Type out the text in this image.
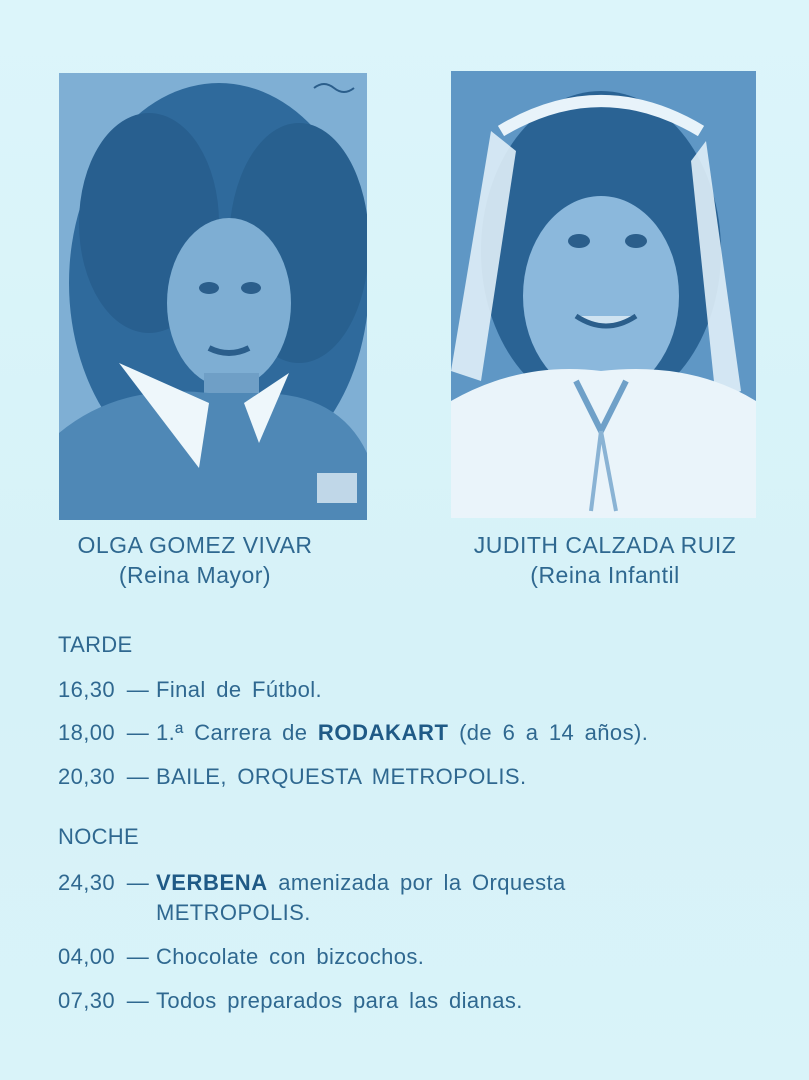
OLGA GOMEZ VIVAR
(Reina Mayor)
JUDITH CALZADA RUIZ
(Reina Infantil
TARDE
16,30 — Final de Fútbol.
18,00 — 1.ª Carrera de RODAKART (de 6 a 14 años).
20,30 — BAILE, ORQUESTA METROPOLIS.
NOCHE
24,30 — VERBENA amenizada por la Orquesta
METROPOLIS.
04,00 — Chocolate con bizcochos.
07,30 — Todos preparados para las dianas.
